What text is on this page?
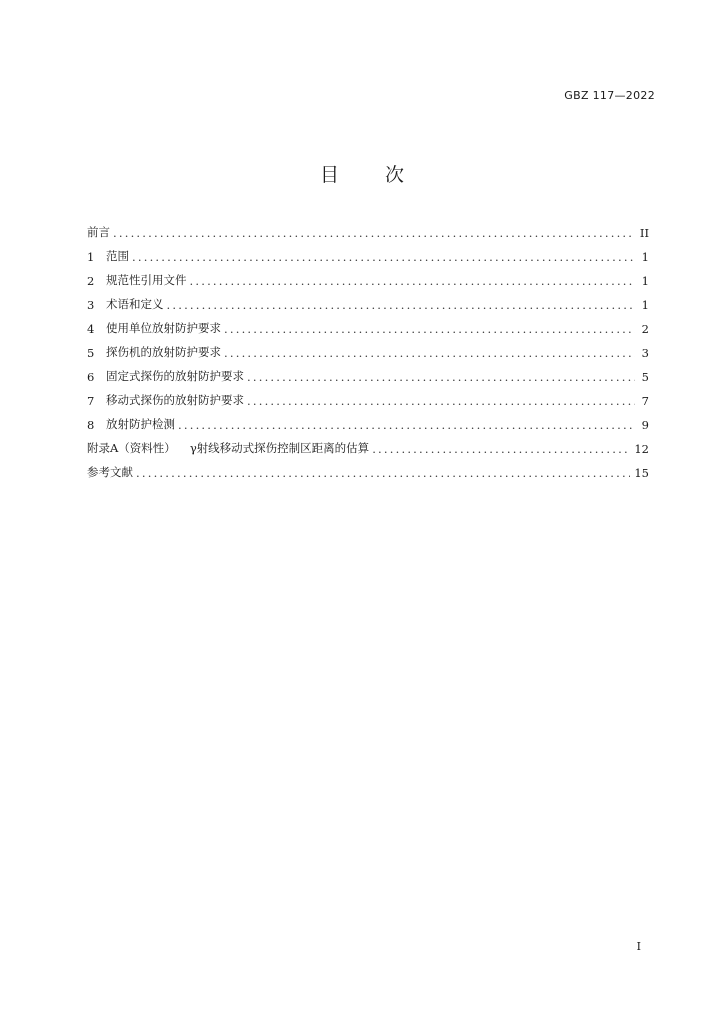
GBZ 117—2022
目 次
前言 .....	II
1	范围 .....	1
2	规范性引用文件 .....	1
3	术语和定义 .....	1
4	使用单位放射防护要求 .....	2
5	探伤机的放射防护要求 .....	3
6	固定式探伤的放射防护要求 .....	5
7	移动式探伤的放射防护要求 .....	7
8	放射防护检测 .....	9
附录A（资料性） γ射线移动式探伤控制区距离的估算 .....	12
参考文献 .....	15
I
